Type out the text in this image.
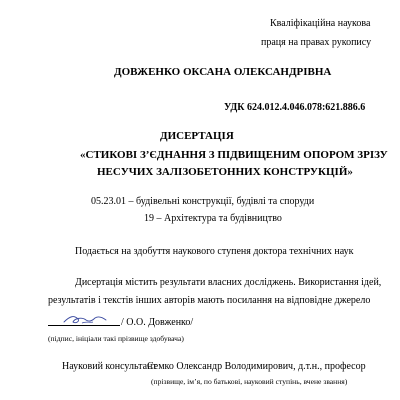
Кваліфікаційна наукова
праця на правах рукопису
ДОВЖЕНКО ОКСАНА ОЛЕКСАНДРІВНА
УДК 624.012.4.046.078:621.886.6
ДИСЕРТАЦІЯ
«СТИКОВІ З’ЄДНАННЯ З ПІДВИЩЕНИМ ОПОРОМ ЗРІЗУ
НЕСУЧИХ ЗАЛІЗОБЕТОННИХ КОНСТРУКЦІЙ»
05.23.01 – будівельні конструкції, будівлі та споруди
19 – Архітектура та будівництво
Подається на здобуття наукового ступеня доктора технічних наук
Дисертація містить результати власних досліджень. Використання ідей,
результатів і текстів інших авторів мають посилання на відповідне джерело
/ О.О. Довженко/
(підпис, ініціали такі прізвище здобувача)
Науковий консультант
Семко Олександр Володимирович, д.т.н., професор
(прізвище, ім’я, по батькові, науковий ступінь, вчене звання)
